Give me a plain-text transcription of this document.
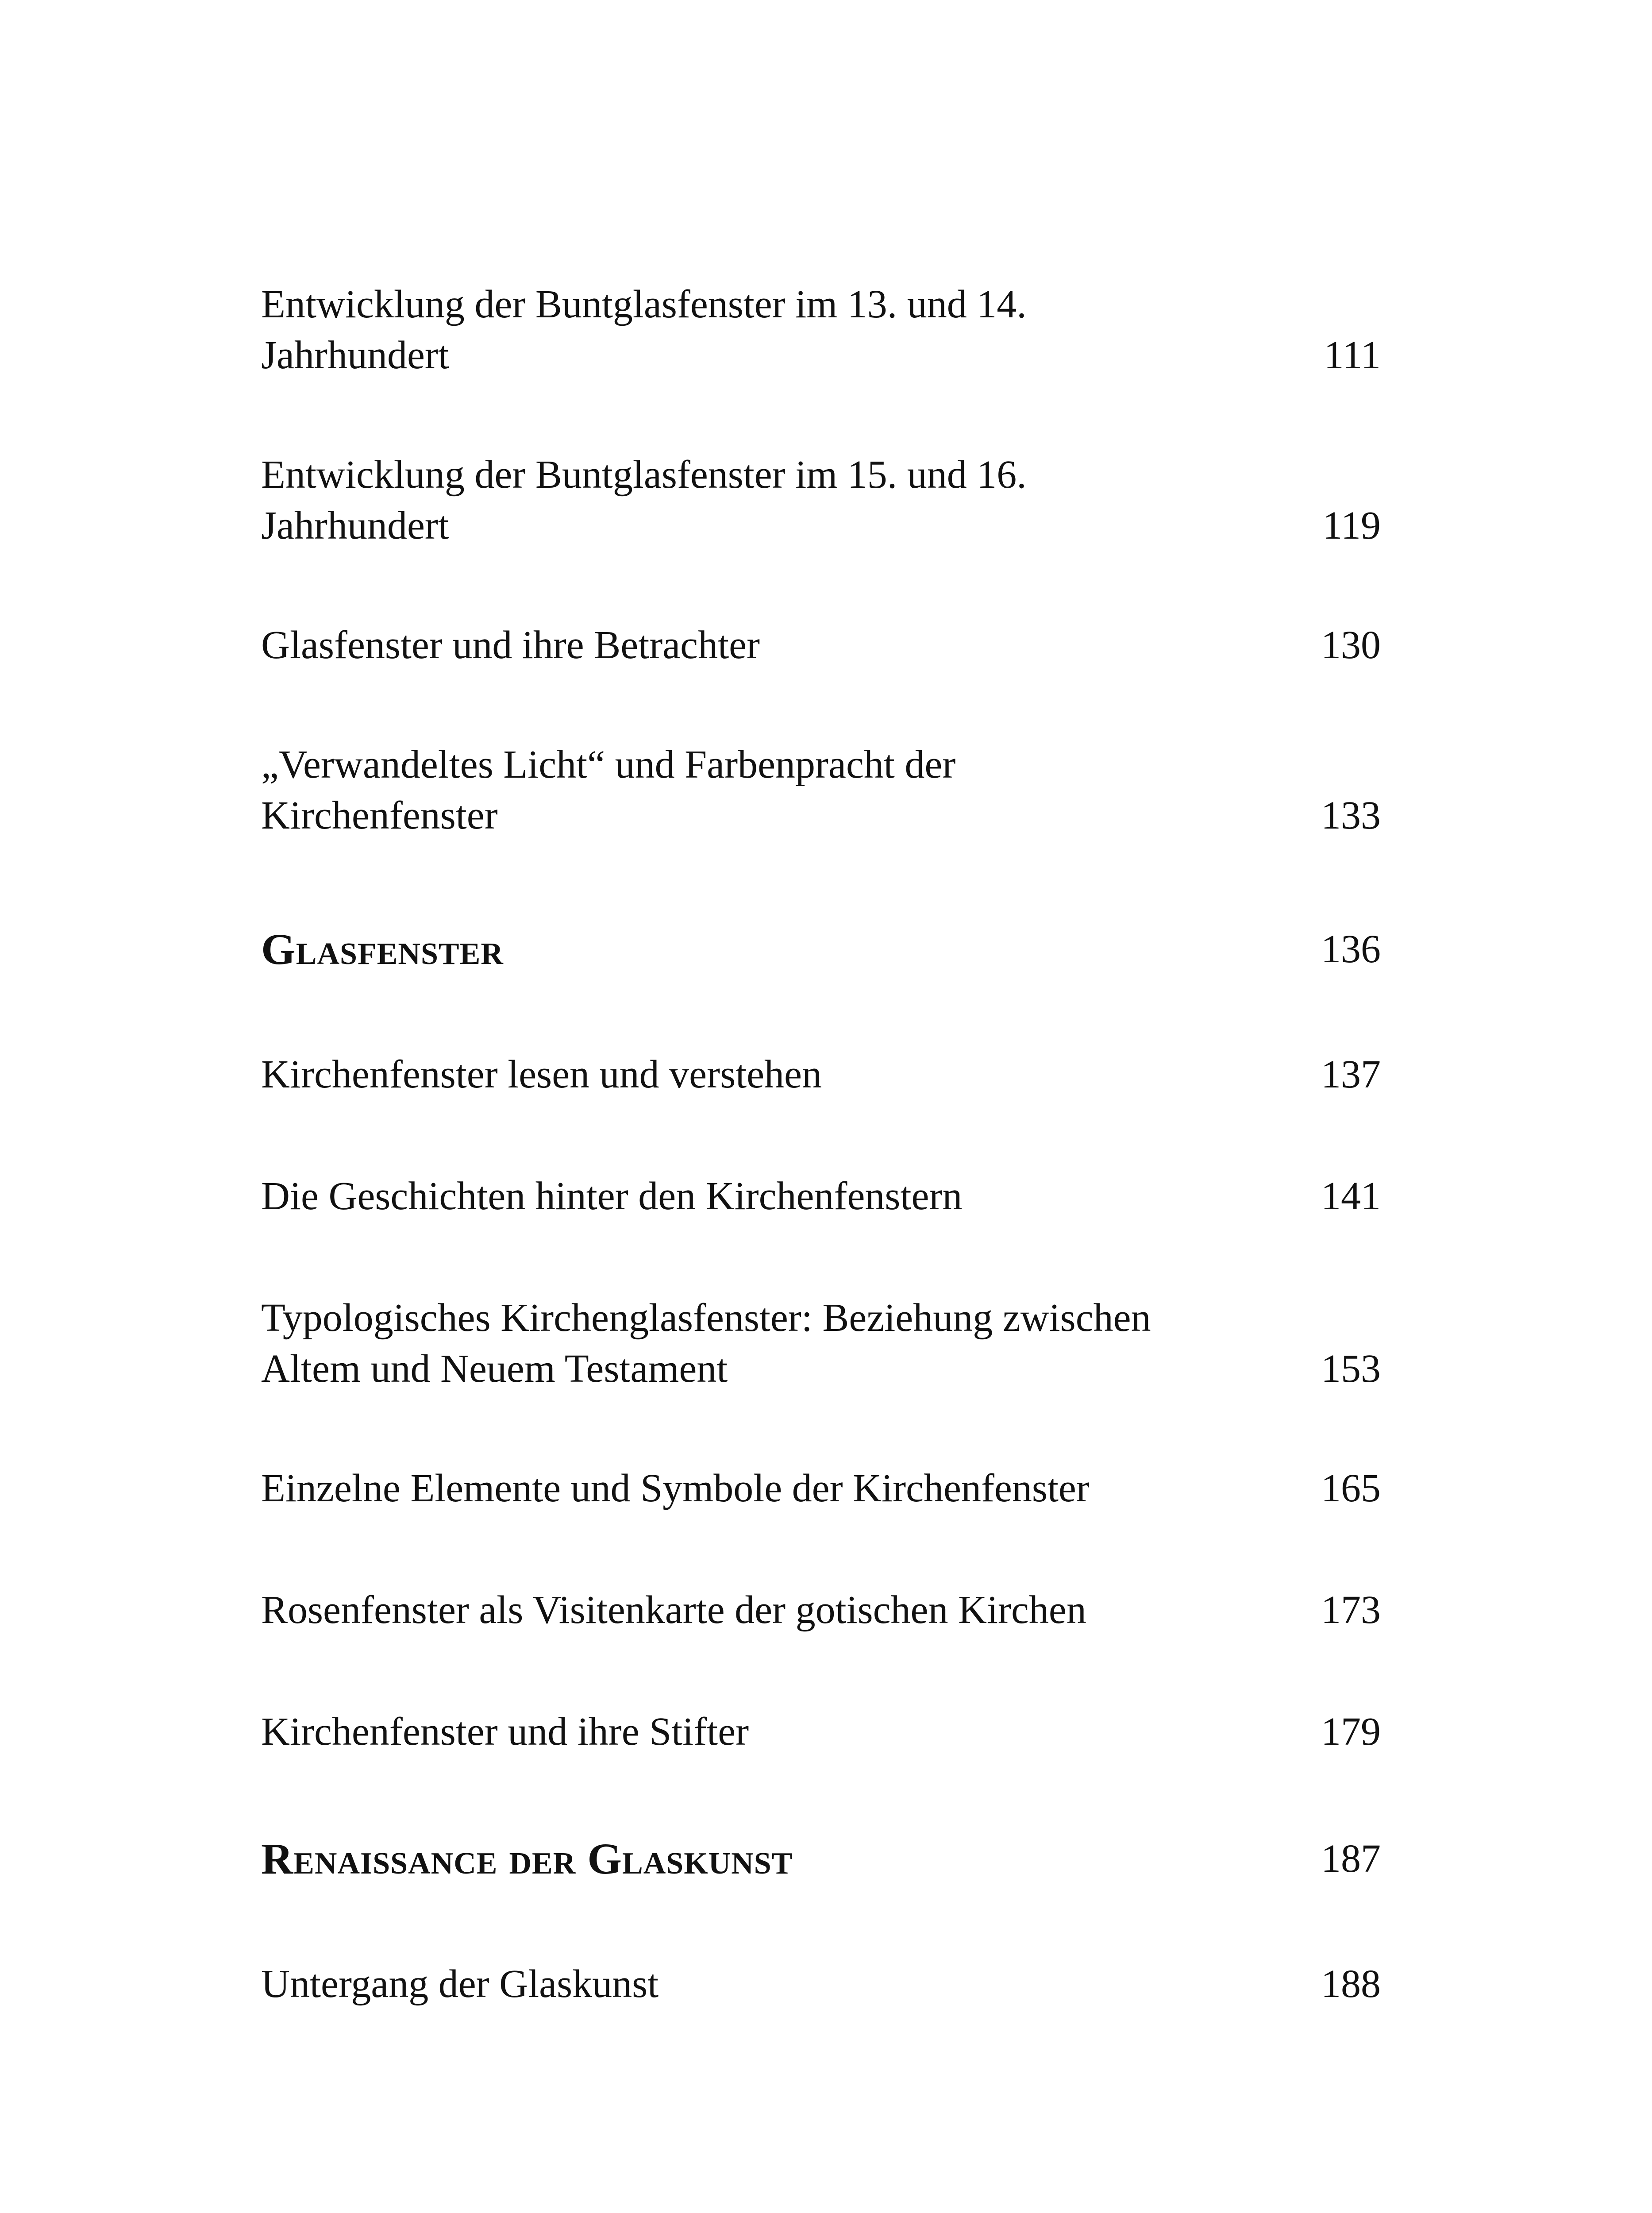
Entwicklung der Buntglasfenster im 13. und 14. Jahrhundert	111
Entwicklung der Buntglasfenster im 15. und 16. Jahrhundert	119
Glasfenster und ihre Betrachter	130
„Verwandeltes Licht“ und Farbenpracht der Kirchenfenster	133
Glasfenster	136
Kirchenfenster lesen und verstehen	137
Die Geschichten hinter den Kirchenfenstern	141
Typologisches Kirchenglasfenster: Beziehung zwischen Altem und Neuem Testament	153
Einzelne Elemente und Symbole der Kirchenfenster	165
Rosenfenster als Visitenkarte der gotischen Kirchen	173
Kirchenfenster und ihre Stifter	179
Renaissance der Glaskunst	187
Untergang der Glaskunst	188
